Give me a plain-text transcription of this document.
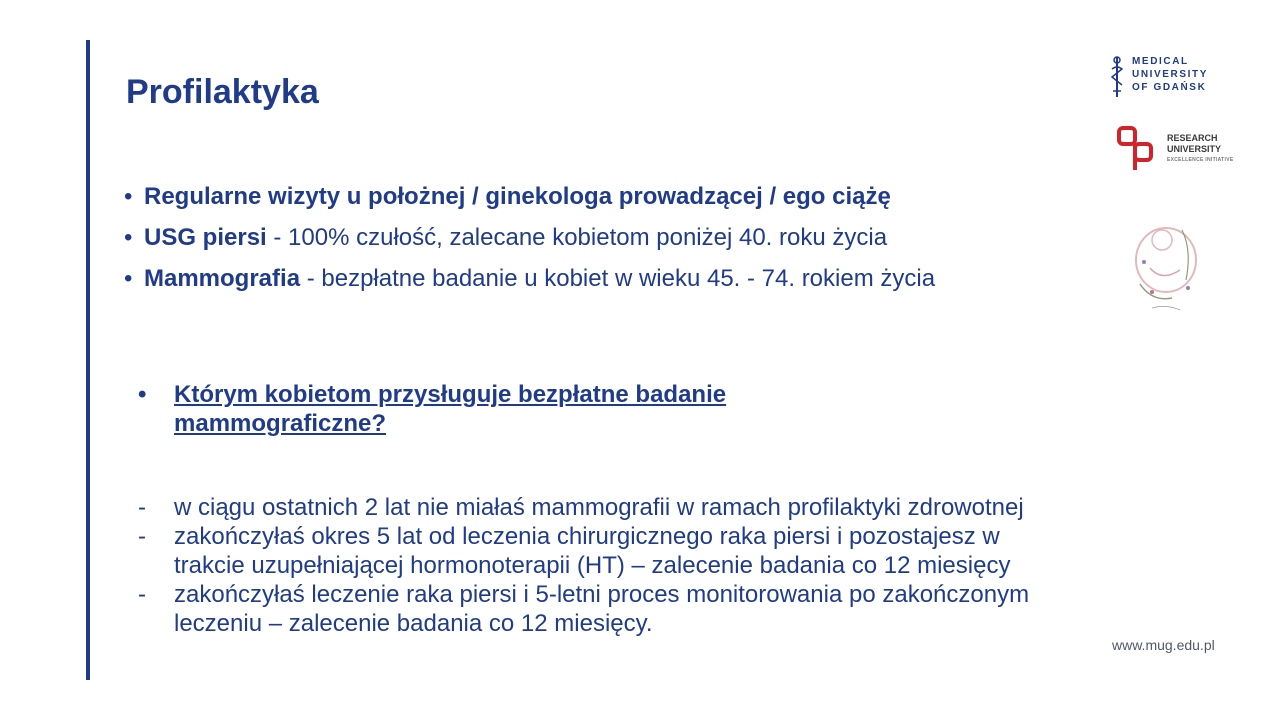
Profilaktyka
• Regularne wizyty u położnej / ginekologa prowadzącej / ego ciążę
• USG piersi - 100% czułość, zalecane kobietom poniżej 40. roku życia
• Mammografia - bezpłatne badanie u kobiet w wieku 45. - 74. rokiem życia
•	Którym kobietom przysługuje bezpłatne badanie mammograficzne?
- w ciągu ostatnich 2 lat nie miałaś mammografii w ramach profilaktyki zdrowotnej
- zakończyłaś okres 5 lat od leczenia chirurgicznego raka piersi i pozostajesz w trakcie uzupełniającej hormonoterapii (HT) – zalecenie badania co 12 miesięcy
- zakończyłaś leczenie raka piersi i 5-letni proces monitorowania po zakończonym leczeniu – zalecenie badania co 12 miesięcy.
MEDICAL
UNIVERSITY
OF GDAŃSK
RESEARCH
UNIVERSITY
EXCELLENCE INITIATIVE
www.mug.edu.pl
